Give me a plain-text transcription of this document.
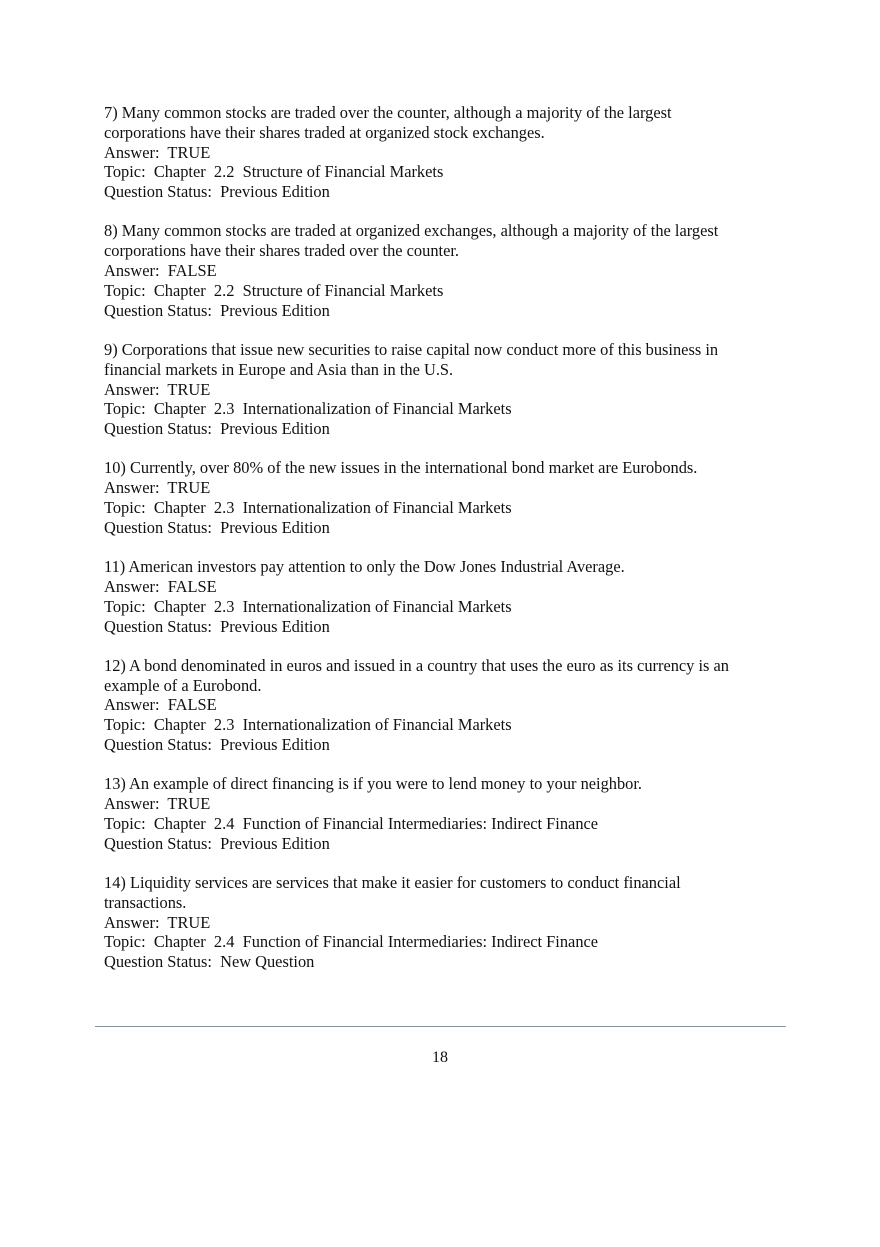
7) Many common stocks are traded over the counter, although a majority of the largest

corporations have their shares traded at organized stock exchanges.

Answer:  TRUE

Topic:  Chapter  2.2  Structure of Financial Markets

Question Status:  Previous Edition

8) Many common stocks are traded at organized exchanges, although a majority of the largest

corporations have their shares traded over the counter.

Answer:  FALSE

Topic:  Chapter  2.2  Structure of Financial Markets

Question Status:  Previous Edition

9) Corporations that issue new securities to raise capital now conduct more of this business in

financial markets in Europe and Asia than in the U.S.

Answer:  TRUE

Topic:  Chapter  2.3  Internationalization of Financial Markets

Question Status:  Previous Edition

10) Currently, over 80% of the new issues in the international bond market are Eurobonds.

Answer:  TRUE

Topic:  Chapter  2.3  Internationalization of Financial Markets

Question Status:  Previous Edition

11) American investors pay attention to only the Dow Jones Industrial Average.

Answer:  FALSE

Topic:  Chapter  2.3  Internationalization of Financial Markets

Question Status:  Previous Edition

12) A bond denominated in euros and issued in a country that uses the euro as its currency is an

example of a Eurobond.

Answer:  FALSE

Topic:  Chapter  2.3  Internationalization of Financial Markets

Question Status:  Previous Edition

13) An example of direct financing is if you were to lend money to your neighbor.

Answer:  TRUE

Topic:  Chapter  2.4  Function of Financial Intermediaries: Indirect Finance

Question Status:  Previous Edition

14) Liquidity services are services that make it easier for customers to conduct financial

transactions.

Answer:  TRUE

Topic:  Chapter  2.4  Function of Financial Intermediaries: Indirect Finance

Question Status:  New Question

18
